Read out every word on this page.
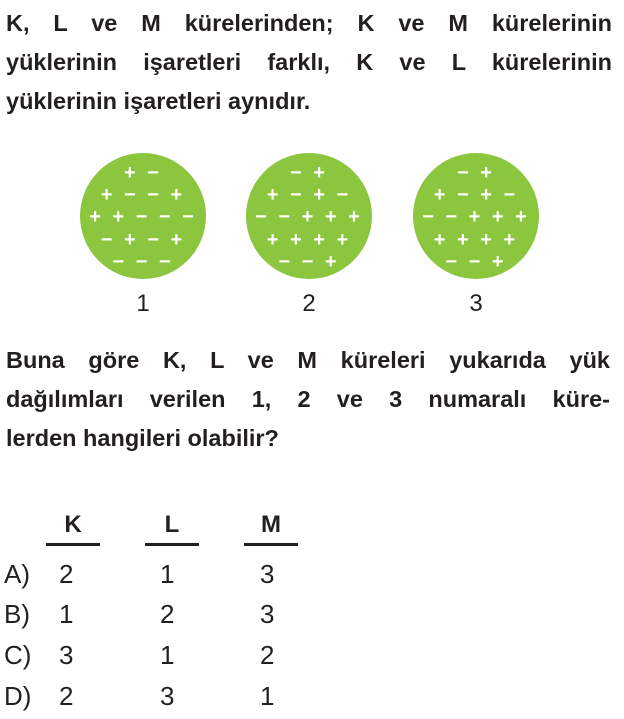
K, L ve M kürelerinden; K ve M kürelerinin
yüklerinin işaretleri farklı, K ve L kürelerinin
yüklerinin işaretleri aynıdır.
+ −
+ − − +
+ + − − −
− + − +
− − −
1
− +
+ − + −
− − + + +
+ + + +
− − +
2
− +
+ − + −
− − + + +
+ + + +
− − +
3
Buna göre K, L ve M küreleri yukarıda yük
dağılımları verilen 1, 2 ve 3 numaralı küre-
lerden hangileri olabilir?
K	L	M
A) 2	1	3
B) 1	2	3
C) 3	1	2
D) 2	3	1
